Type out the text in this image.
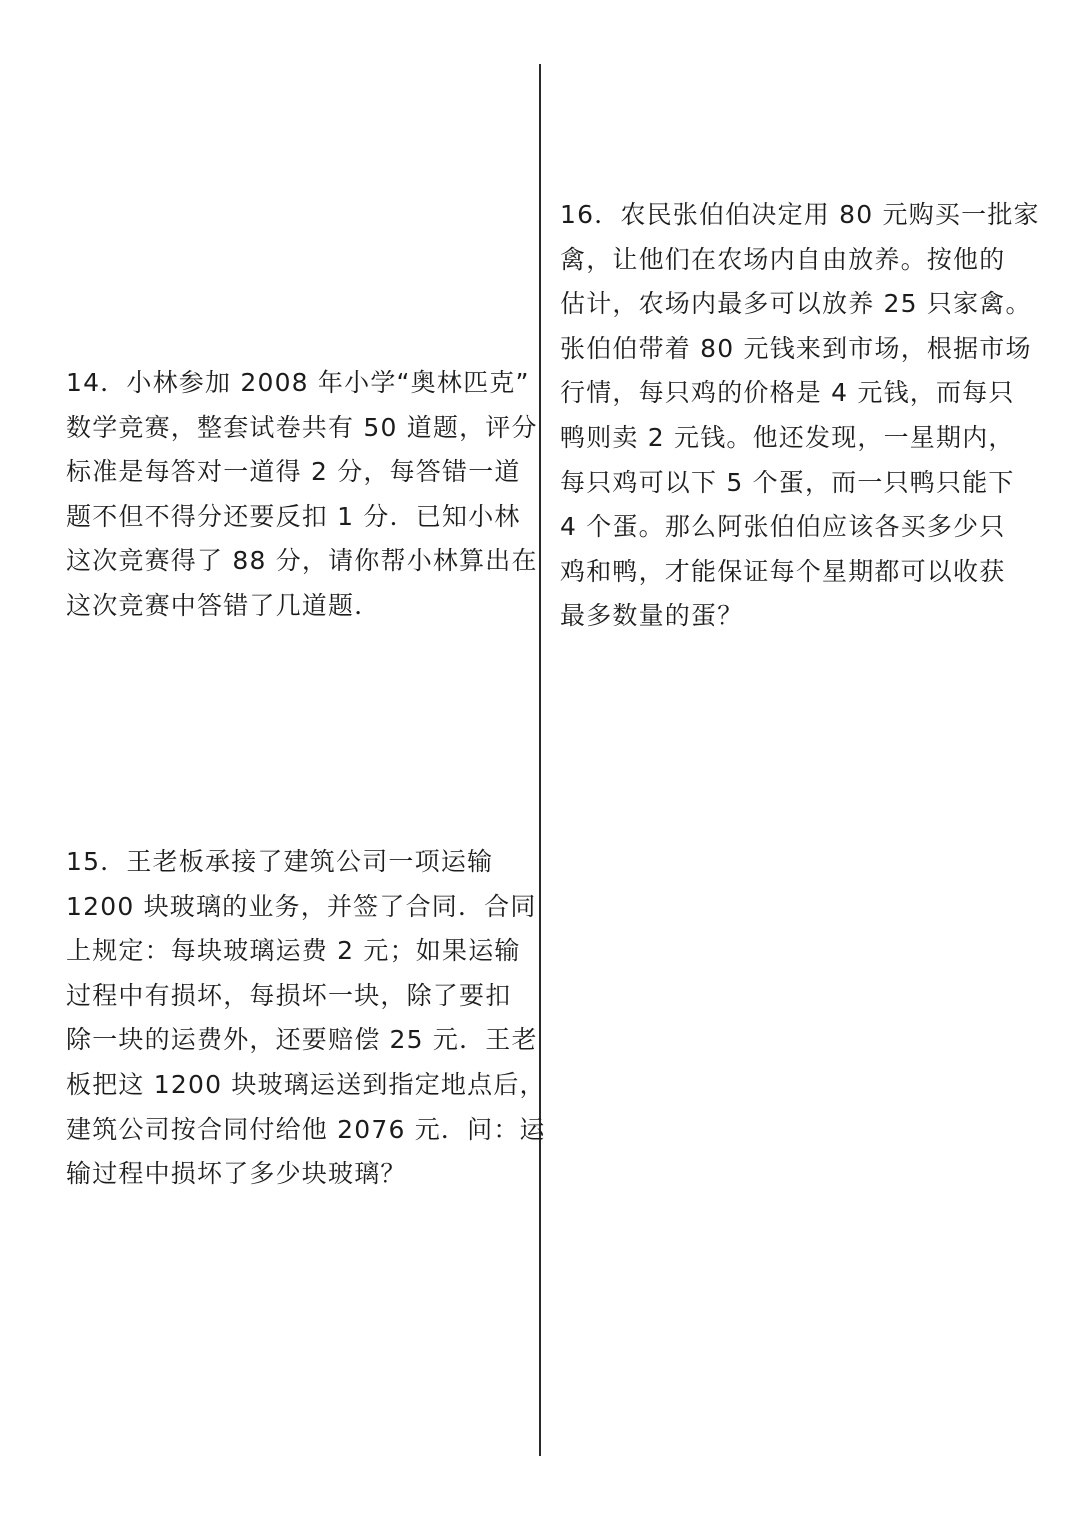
14．小林参加 2008 年小学“奥林匹克”
数学竞赛，整套试卷共有 50 道题，评分
标准是每答对一道得 2 分，每答错一道
题不但不得分还要反扣 1 分．已知小林
这次竞赛得了 88 分，请你帮小林算出在
这次竞赛中答错了几道题．
15．王老板承接了建筑公司一项运输
1200 块玻璃的业务，并签了合同．合同
上规定：每块玻璃运费 2 元；如果运输
过程中有损坏，每损坏一块，除了要扣
除一块的运费外，还要赔偿 25 元．王老
板把这 1200 块玻璃运送到指定地点后，
建筑公司按合同付给他 2076 元．问：运
输过程中损坏了多少块玻璃？
16．农民张伯伯决定用 80 元购买一批家
禽，让他们在农场内自由放养。按他的
估计，农场内最多可以放养 25 只家禽。
张伯伯带着 80 元钱来到市场，根据市场
行情，每只鸡的价格是 4 元钱，而每只
鸭则卖 2 元钱。他还发现，一星期内，
每只鸡可以下 5 个蛋，而一只鸭只能下
4 个蛋。那么阿张伯伯应该各买多少只
鸡和鸭，才能保证每个星期都可以收获
最多数量的蛋？
